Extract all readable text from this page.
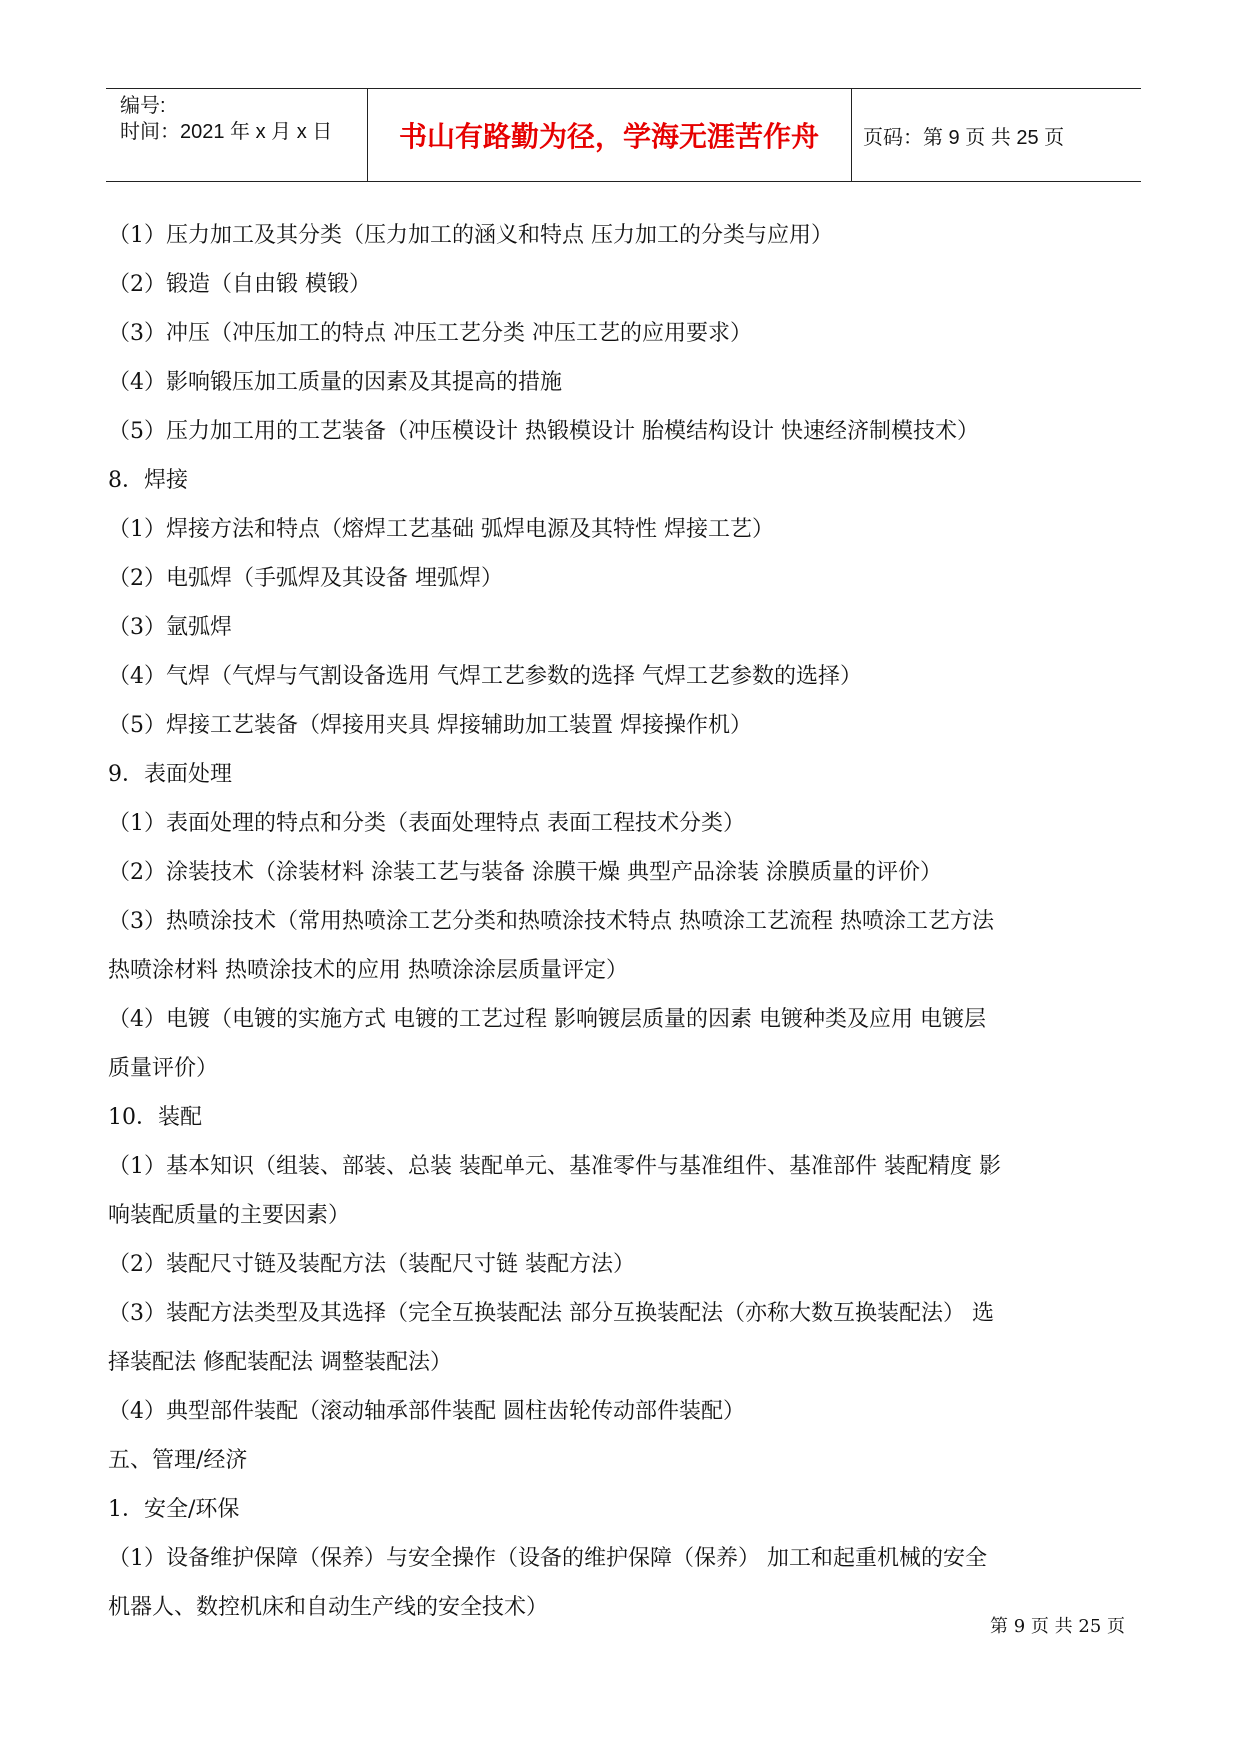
编号:
时间：2021 年 x 月 x 日	书山有路勤为径，学海无涯苦作舟	页码：第 9 页 共 25 页
（1）压力加工及其分类（压力加工的涵义和特点 压力加工的分类与应用）
（2）锻造（自由锻 模锻）
（3）冲压（冲压加工的特点 冲压工艺分类 冲压工艺的应用要求）
（4）影响锻压加工质量的因素及其提高的措施
（5）压力加工用的工艺装备（冲压模设计 热锻模设计 胎模结构设计 快速经济制模技术）
8．焊接
（1）焊接方法和特点（熔焊工艺基础 弧焊电源及其特性 焊接工艺）
（2）电弧焊（手弧焊及其设备 埋弧焊）
（3）氩弧焊
（4）气焊（气焊与气割设备选用 气焊工艺参数的选择 气焊工艺参数的选择）
（5）焊接工艺装备（焊接用夹具 焊接辅助加工装置 焊接操作机）
9．表面处理
（1）表面处理的特点和分类（表面处理特点 表面工程技术分类）
（2）涂装技术（涂装材料 涂装工艺与装备 涂膜干燥 典型产品涂装 涂膜质量的评价）
（3）热喷涂技术（常用热喷涂工艺分类和热喷涂技术特点 热喷涂工艺流程 热喷涂工艺方法
热喷涂材料 热喷涂技术的应用 热喷涂涂层质量评定）
（4）电镀（电镀的实施方式 电镀的工艺过程 影响镀层质量的因素 电镀种类及应用 电镀层
质量评价）
10．装配
（1）基本知识（组装、部装、总装 装配单元、基准零件与基准组件、基准部件 装配精度 影
响装配质量的主要因素）
（2）装配尺寸链及装配方法（装配尺寸链 装配方法）
（3）装配方法类型及其选择（完全互换装配法 部分互换装配法（亦称大数互换装配法） 选
择装配法 修配装配法 调整装配法）
（4）典型部件装配（滚动轴承部件装配 圆柱齿轮传动部件装配）
五、管理/经济
1．安全/环保
（1）设备维护保障（保养）与安全操作（设备的维护保障（保养） 加工和起重机械的安全
机器人、数控机床和自动生产线的安全技术）
第 9 页 共 25 页
